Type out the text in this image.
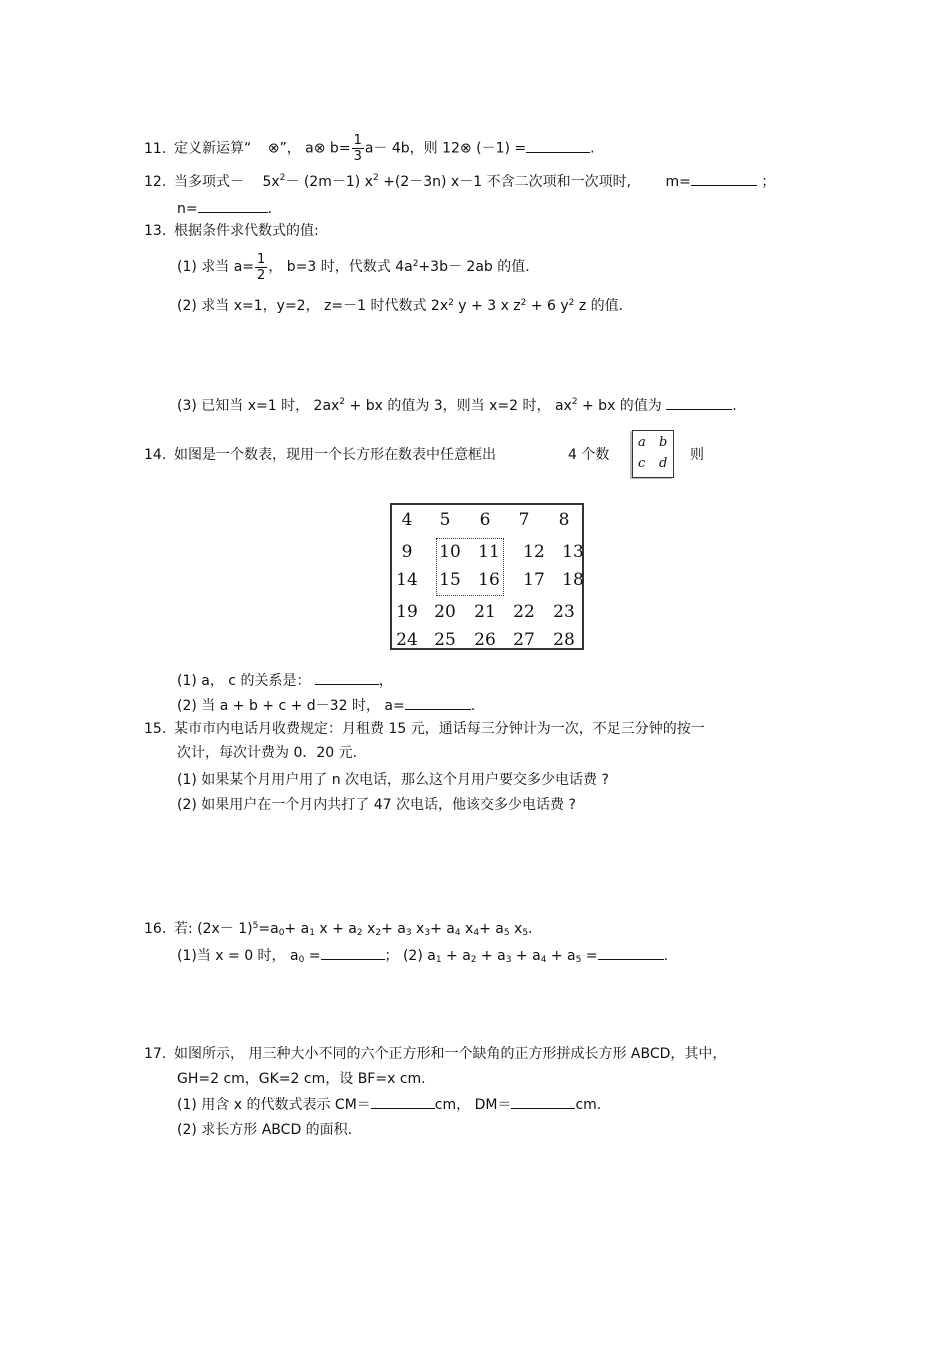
11. 定义新运算“ ⊗”， a⊗ $b= \frac{1}{3} a- 4b$，则 12⊗ (－1) =	.
12. 当多项式－ $5x^2- (2m-1)$ $x^2 +(2-3n)$ x－1 不含二次项和一次项时, m=	；
n=	.
13. 根据条件求代数式的值:
(1) 求当 $a= \frac{1}{2}$ ， b=3 时，代数式 $4a^2+3b- 2ab$ 的值.
(2) 求当 x=1，y=2， z=－1 时代数式 $2x^2$ y + 3 x $z^2 + 6$ $y^2$ z 的值.
(3) 已知当 x=1 时， $2ax^2$ + bx 的值为 3，则当 x=2 时， $ax^2$ + bx 的值为	.
14. 如图是一个数表，现用一个长方形在数表中任意框出	4 个数	则
a b
c d
4	5	6	7	8
9	10 11 12 13
14 15 16 17 18
19 20 21 22 23
24 25 26 27 28
(1) a， c 的关系是：	，
(2) 当 a + b + c + d－32 时， a=	.
15. 某市市内电话月收费规定：月租费 15 元，通话每三分钟计为一次，不足三分钟的按一
次计，每次计费为 0．20 元.
(1) 如果某个月用户用了 n 次电话，那么这个月用户要交多少电话费 ?
(2) 如果用户在一个月内共打了 47 次电话，他该交多少电话费 ?
16. 若: $(2x- 1)^5=a_0+ a_1$ $x + a_2$ $x_2+ a_3$ $x_3+ a_4$ $x_4+ a_5$ $x_5$.
(1)当 x = 0 时， $a_0$ =	； (2) $a_1 + a_2 + a_3 + a_4 + a_5$ =	.
17. 如图所示， 用三种大小不同的六个正方形和一个缺角的正方形拼成长方形 ABCD，其中，
GH=2 cm，GK=2 cm，设 BF=x cm.
(1) 用含 x 的代数式表示 CM＝	cm， DM＝	cm.
(2) 求长方形 ABCD 的面积.
